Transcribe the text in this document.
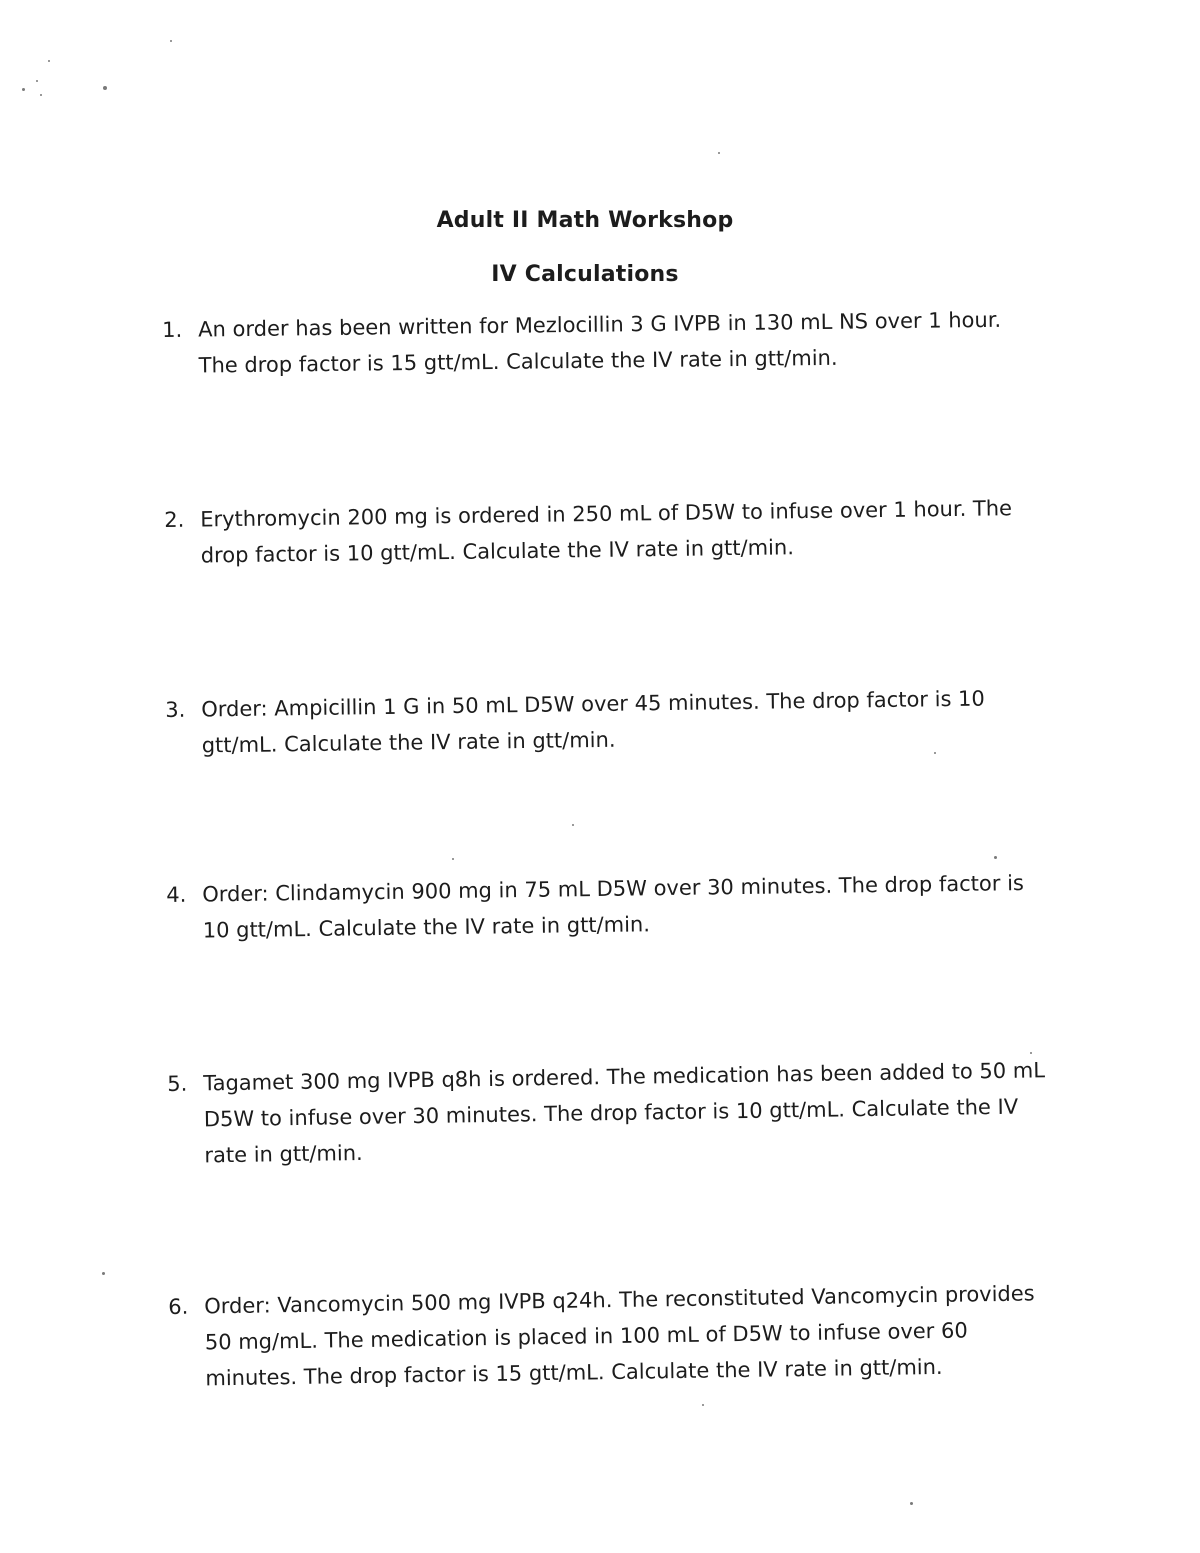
Adult II Math Workshop
IV Calculations
1. An order has been written for Mezlocillin 3 G IVPB in 130 mL NS over 1 hour.
The drop factor is 15 gtt/mL. Calculate the IV rate in gtt/min.
2. Erythromycin 200 mg is ordered in 250 mL of D5W to infuse over 1 hour. The
drop factor is 10 gtt/mL. Calculate the IV rate in gtt/min.
3. Order: Ampicillin 1 G in 50 mL D5W over 45 minutes. The drop factor is 10
gtt/mL. Calculate the IV rate in gtt/min.
4. Order: Clindamycin 900 mg in 75 mL D5W over 30 minutes. The drop factor is
10 gtt/mL. Calculate the IV rate in gtt/min.
5. Tagamet 300 mg IVPB q8h is ordered. The medication has been added to 50 mL
D5W to infuse over 30 minutes. The drop factor is 10 gtt/mL. Calculate the IV
rate in gtt/min.
6. Order: Vancomycin 500 mg IVPB q24h. The reconstituted Vancomycin provides
50 mg/mL. The medication is placed in 100 mL of D5W to infuse over 60
minutes. The drop factor is 15 gtt/mL. Calculate the IV rate in gtt/min.
